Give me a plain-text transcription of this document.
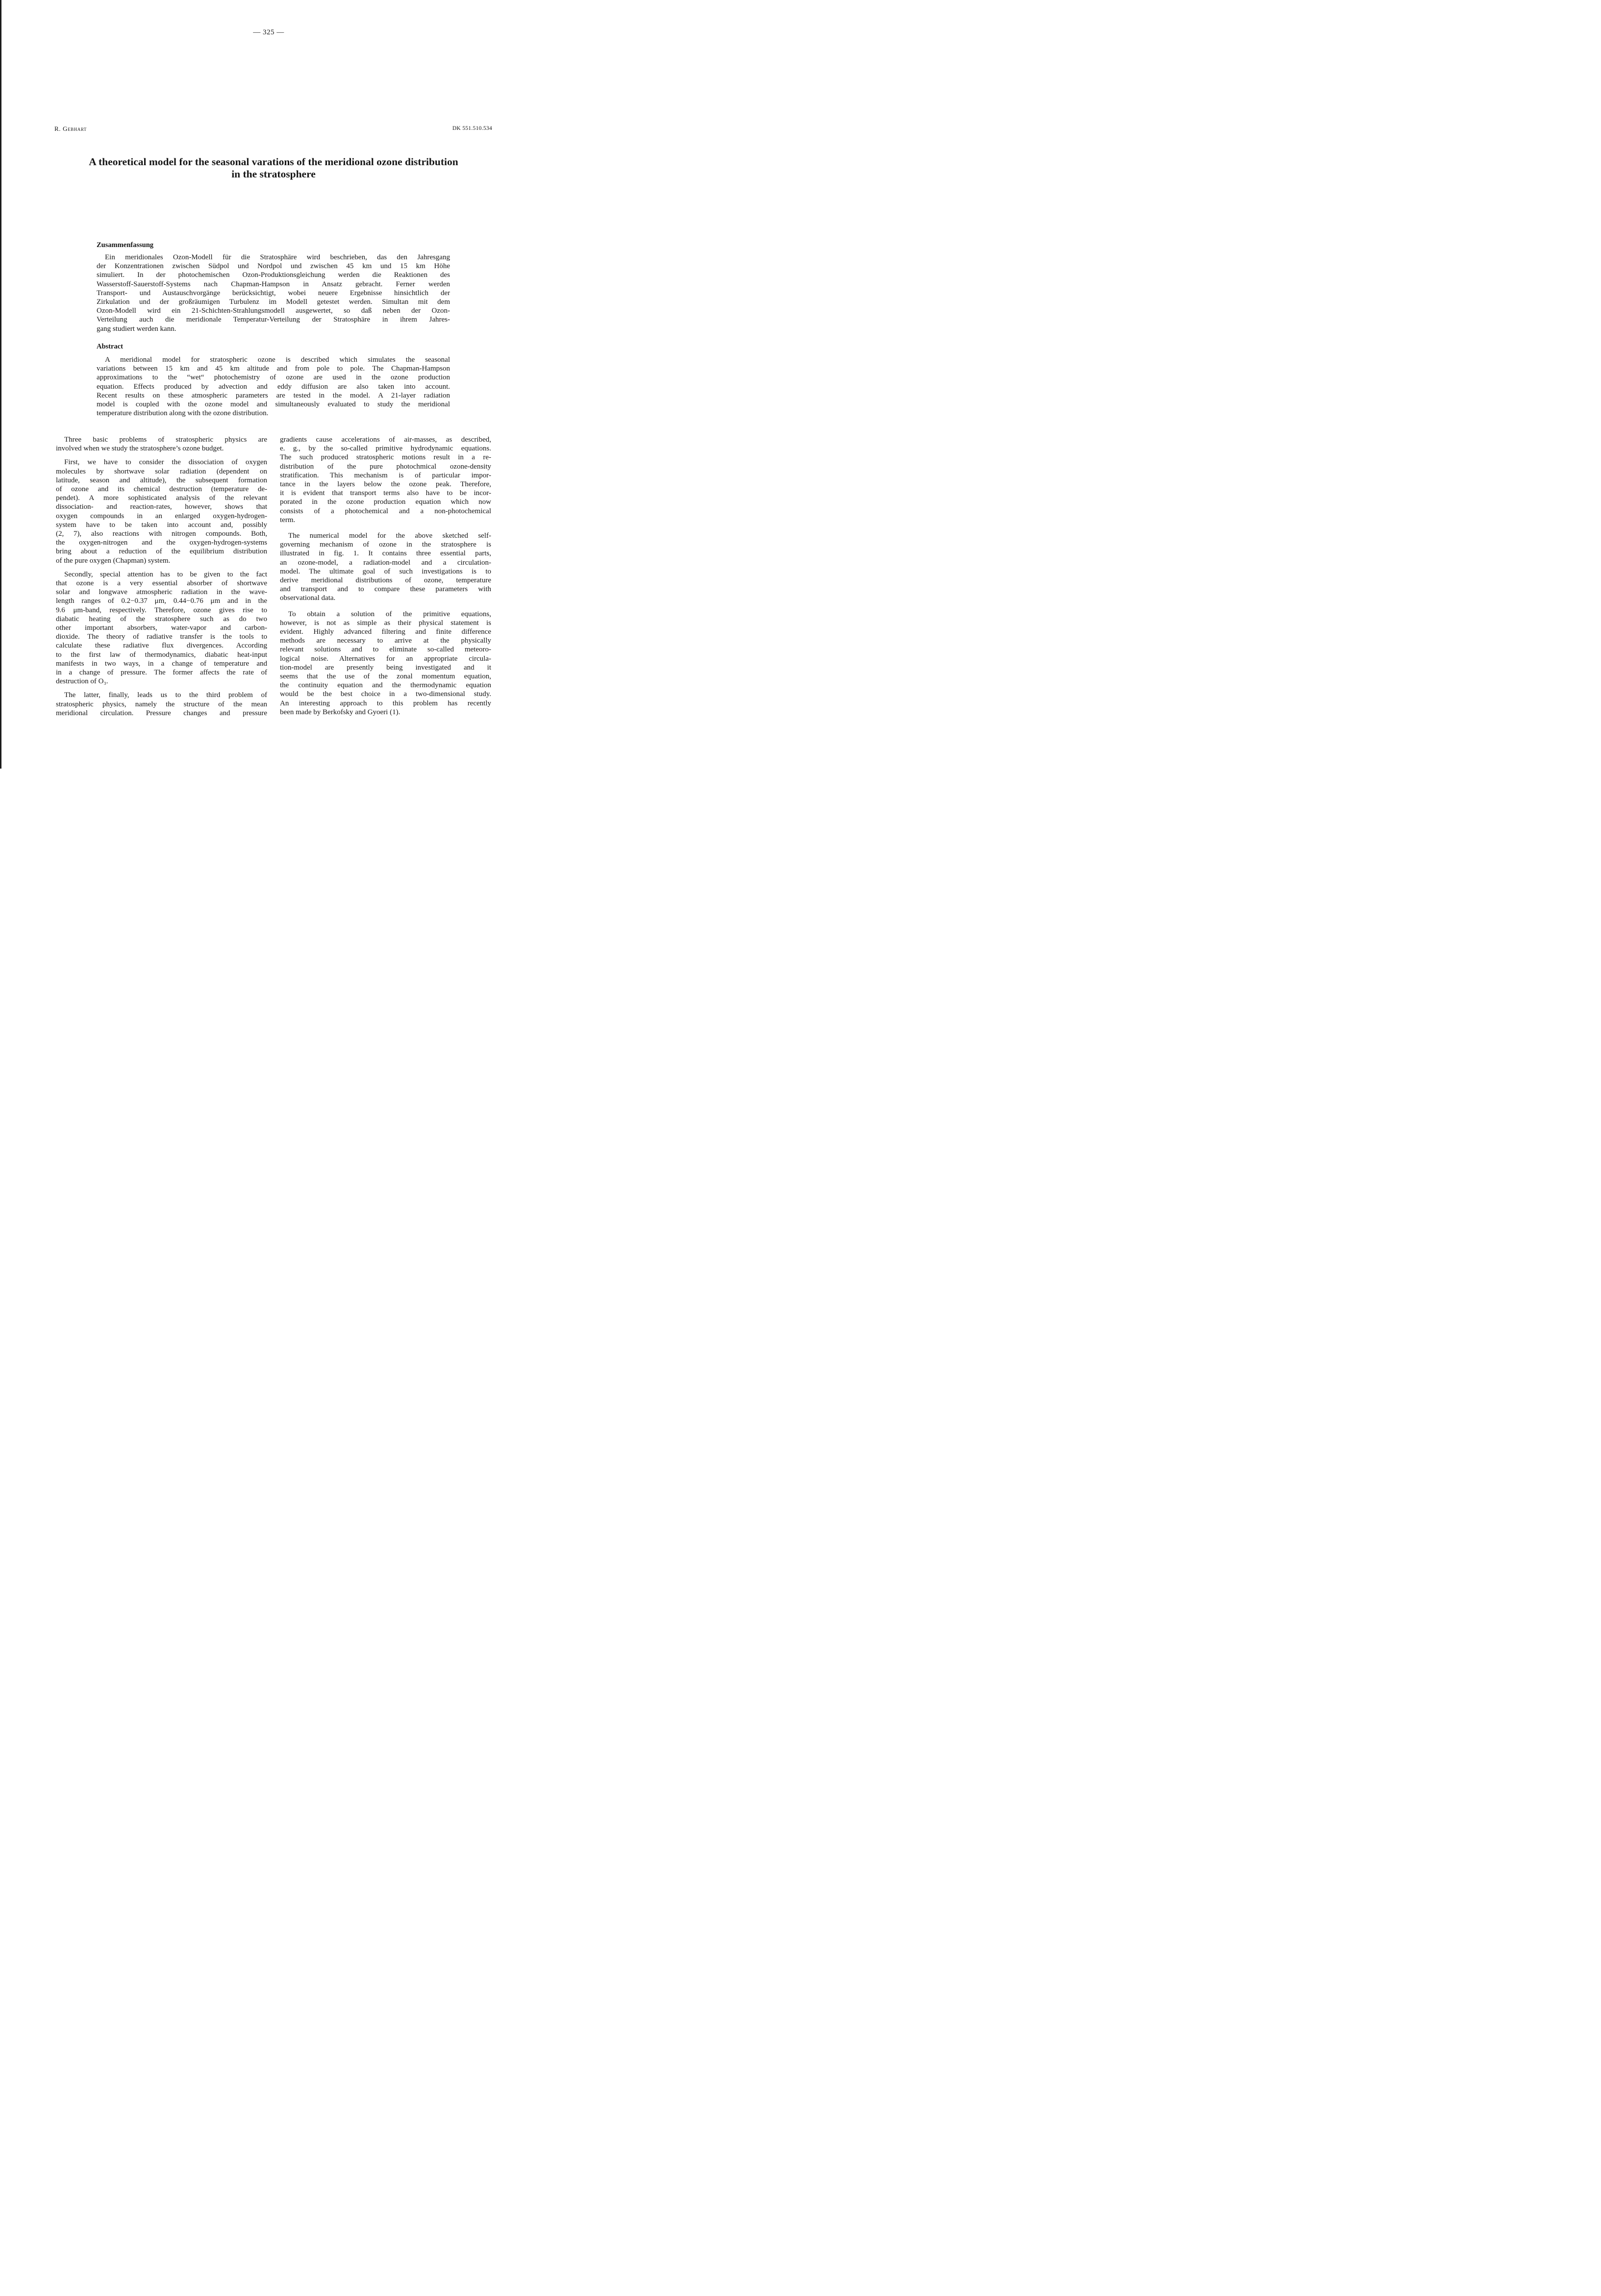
— 325 —
R. Gebhart	DK 551.510.534
A theoretical model for the seasonal varations of the meridional ozone distribution
in the stratosphere
Zusammenfassung
Ein meridionales Ozon-Modell für die Stratosphäre wird beschrieben, das den Jahresgang
der Konzentrationen zwischen Südpol und Nordpol und zwischen 45 km und 15 km Höhe
simuliert. In der photochemischen Ozon-Produktionsgleichung werden die Reaktionen des
Wasserstoff-Sauerstoff-Systems nach Chapman-Hampson in Ansatz gebracht. Ferner werden
Transport- und Austauschvorgänge berücksichtigt, wobei neuere Ergebnisse hinsichtlich der
Zirkulation und der großräumigen Turbulenz im Modell getestet werden. Simultan mit dem
Ozon-Modell wird ein 21-Schichten-Strahlungsmodell ausgewertet, so daß neben der Ozon-
Verteilung auch die meridionale Temperatur-Verteilung der Stratosphäre in ihrem Jahres-
gang studiert werden kann.
Abstract
A meridional model for stratospheric ozone is described which simulates the seasonal
variations between 15 km and 45 km altitude and from pole to pole. The Chapman-Hampson
approximations to the “wet“ photochemistry of ozone are used in the ozone production
equation. Effects produced by advection and eddy diffusion are also taken into account.
Recent results on these atmospheric parameters are tested in the model. A 21-layer radiation
model is coupled with the ozone model and simultaneously evaluated to study the meridional
temperature distribution along with the ozone distribution.
Three basic problems of stratospheric physics are
involved when we study the stratosphere’s ozone budget.
First, we have to consider the dissociation of oxygen
molecules by shortwave solar radiation (dependent on
latitude, season and altitude), the subsequent formation
of ozone and its chemical destruction (temperature de-
pendet). A more sophisticated analysis of the relevant
dissociation- and reaction-rates, however, shows that
oxygen compounds in an enlarged oxygen-hydrogen-
system have to be taken into account and, possibly
(2, 7), also reactions with nitrogen compounds. Both,
the oxygen-nitrogen and the oxygen-hydrogen-systems
bring about a reduction of the equilibrium distribution
of the pure oxygen (Chapman) system.
Secondly, special attention has to be given to the fact
that ozone is a very essential absorber of shortwave
solar and longwave atmospheric radiation in the wave-
length ranges of 0.2−0.37 μm, 0.44−0.76 μm and in the
9.6 μm-band, respectively. Therefore, ozone gives rise to
diabatic heating of the stratosphere such as do two
other important absorbers, water-vapor and carbon-
dioxide. The theory of radiative transfer is the tools to
calculate these radiative flux divergences. According
to the first law of thermodynamics, diabatic heat-input
manifests in two ways, in a change of temperature and
in a change of pressure. The former affects the rate of
destruction of O₃.
The latter, finally, leads us to the third problem of
stratospheric physics, namely the structure of the mean
meridional circulation. Pressure changes and pressure
gradients cause accelerations of air-masses, as described,
e. g., by the so-called primitive hydrodynamic equations.
The such produced stratospheric motions result in a re-
distribution of the pure photochmical ozone-density
stratification. This mechanism is of particular impor-
tance in the layers below the ozone peak. Therefore,
it is evident that transport terms also have to be incor-
porated in the ozone production equation which now
consists of a photochemical and a non-photochemical
term.
The numerical model for the above sketched self-
governing mechanism of ozone in the stratosphere is
illustrated in fig. 1. It contains three essential parts,
an ozone-model, a radiation-model and a circulation-
model. The ultimate goal of such investigations is to
derive meridional distributions of ozone, temperature
and transport and to compare these parameters with
observational data.
To obtain a solution of the primitive equations,
however, is not as simple as their physical statement is
evident. Highly advanced filtering and finite difference
methods are necessary to arrive at the physically
relevant solutions and to eliminate so-called meteoro-
logical noise. Alternatives for an appropriate circula-
tion-model are presently being investigated and it
seems that the use of the zonal momentum equation,
the continuity equation and the thermodynamic equation
would be the best choice in a two-dimensional study.
An interesting approach to this problem has recently
been made by Berkofsky and Gyoeri (1).
